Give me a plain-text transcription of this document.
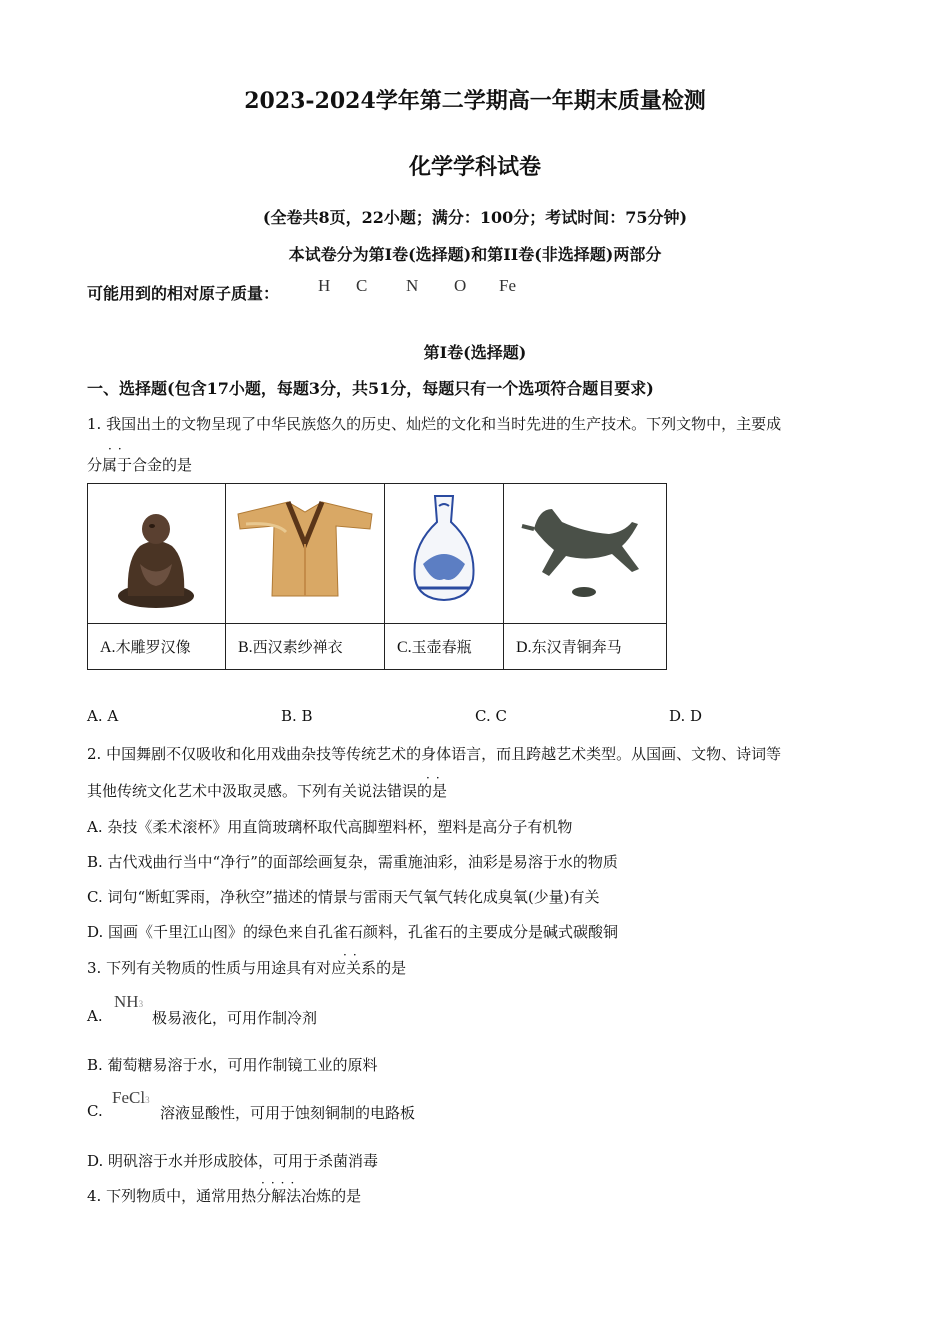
2023-2024学年第二学期高一年期末质量检测
化学学科试卷
(全卷共8页，22小题；满分：100分；考试时间：75分钟)
本试卷分为第I卷(选择题)和第II卷(非选择题)两部分
可能用到的相对原子质量： H C N O Fe
第I卷(选择题)
一、选择题(包含17小题，每题3分，共51分，每题只有一个选项符合题目要求)
··
1. 我国出土的文物呈现了中华民族悠久的历史、灿烂的文化和当时先进的生产技术。下列文物中，主要成
分属于合金的是

A.木雕罗汉像	B.西汉素纱禅衣	C.玉壶春瓶	D.东汉青铜奔马
A. A	B. B	C. C	D. D
2. 中国舞剧不仅吸收和化用戏曲杂技等传统艺术的身体语言，而且跨越艺术类型。从国画、文物、诗词等
··
其他传统文化艺术中汲取灵感。下列有关说法错误的是
A. 杂技《柔术滚杯》用直筒玻璃杯取代高脚塑料杯，塑料是高分子有机物
B. 古代戏曲行当中“净行”的面部绘画复杂，需重施油彩，油彩是易溶于水的物质
C. 词句“断虹霁雨，净秋空”描述的情景与雷雨天气氧气转化成臭氧(少量)有关
D. 国画《千里江山图》的绿色来自孔雀石颜料，孔雀石的主要成分是碱式碳酸铜
··
3. 下列有关物质的性质与用途具有对应关系的是
A.
NH3
极易液化，可用作制冷剂
B. 葡萄糖易溶于水，可用作制镜工业的原料
C.
FeCl3
溶液显酸性，可用于蚀刻铜制的电路板
D. 明矾溶于水并形成胶体，可用于杀菌消毒
····
4. 下列物质中，通常用热分解法冶炼的是
